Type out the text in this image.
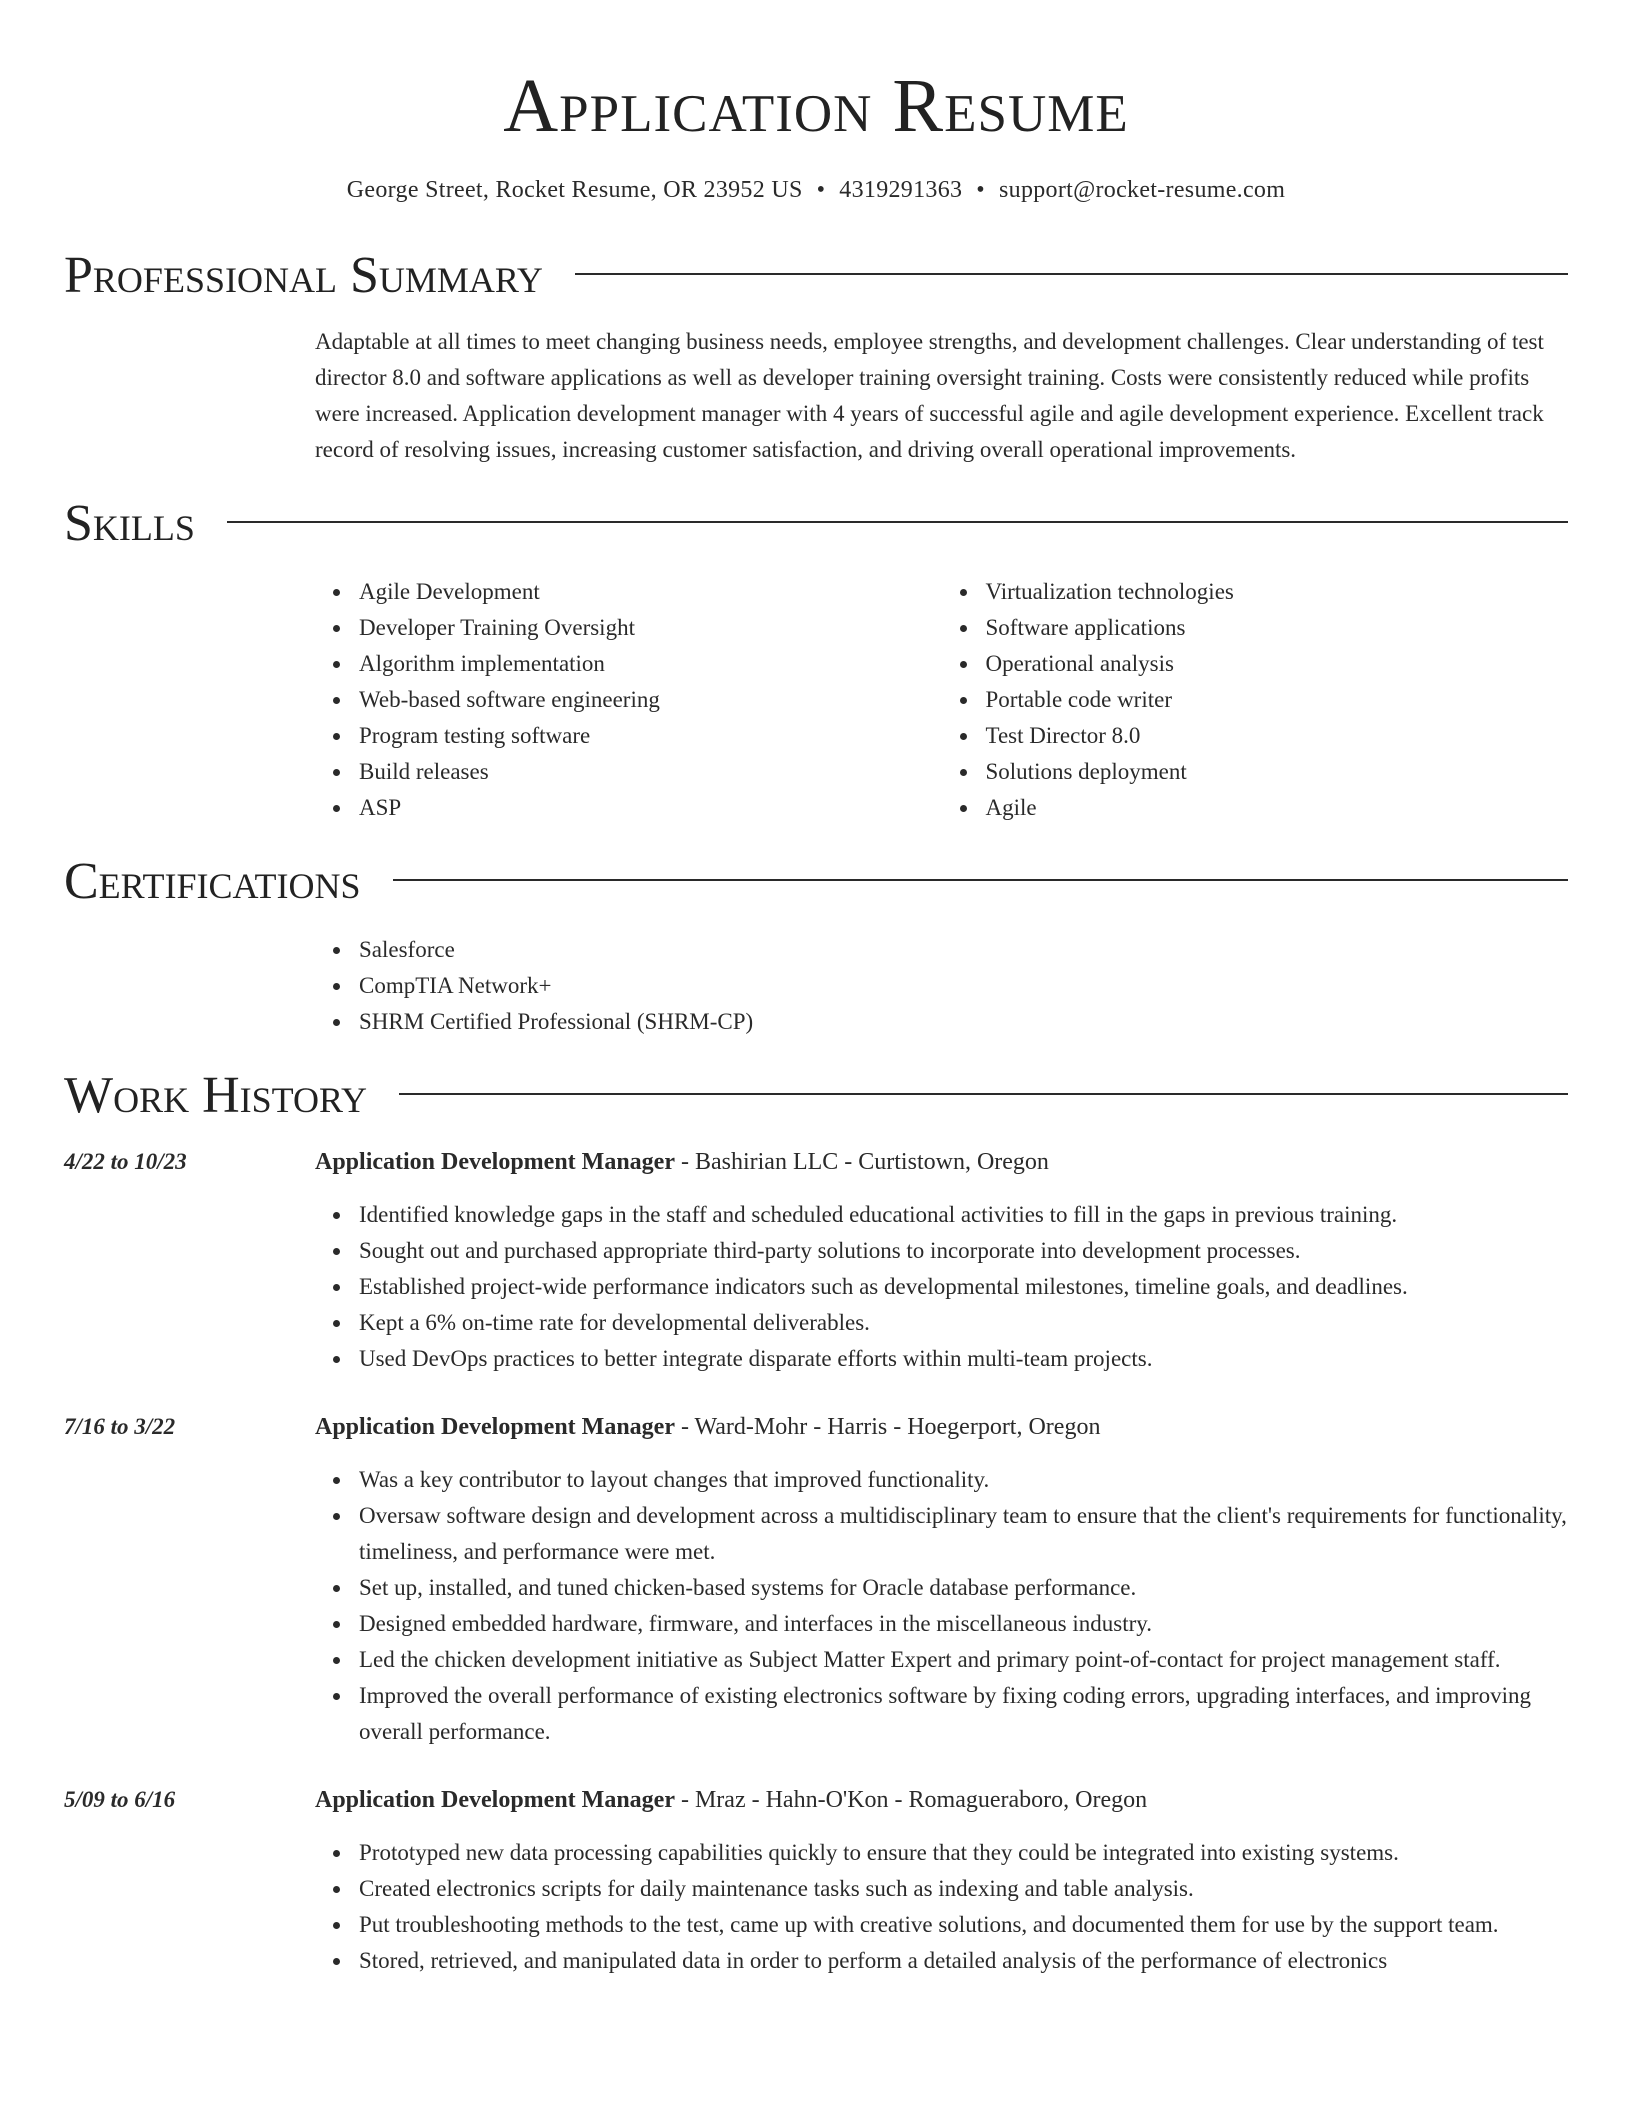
Application Resume
George Street, Rocket Resume, OR 23952 US • 4319291363 • support@rocket-resume.com
Professional Summary
Adaptable at all times to meet changing business needs, employee strengths, and development challenges. Clear understanding of test director 8.0 and software applications as well as developer training oversight training. Costs were consistently reduced while profits were increased. Application development manager with 4 years of successful agile and agile development experience. Excellent track record of resolving issues, increasing customer satisfaction, and driving overall operational improvements.
Skills
Agile Development
Developer Training Oversight
Algorithm implementation
Web-based software engineering
Program testing software
Build releases
ASP
Virtualization technologies
Software applications
Operational analysis
Portable code writer
Test Director 8.0
Solutions deployment
Agile
Certifications
Salesforce
CompTIA Network+
SHRM Certified Professional (SHRM-CP)
Work History
4/22 to 10/23	Application Development Manager - Bashirian LLC - Curtistown, Oregon
Identified knowledge gaps in the staff and scheduled educational activities to fill in the gaps in previous training.
Sought out and purchased appropriate third-party solutions to incorporate into development processes.
Established project-wide performance indicators such as developmental milestones, timeline goals, and deadlines.
Kept a 6% on-time rate for developmental deliverables.
Used DevOps practices to better integrate disparate efforts within multi-team projects.
7/16 to 3/22	Application Development Manager - Ward-Mohr - Harris - Hoegerport, Oregon
Was a key contributor to layout changes that improved functionality.
Oversaw software design and development across a multidisciplinary team to ensure that the client's requirements for functionality, timeliness, and performance were met.
Set up, installed, and tuned chicken-based systems for Oracle database performance.
Designed embedded hardware, firmware, and interfaces in the miscellaneous industry.
Led the chicken development initiative as Subject Matter Expert and primary point-of-contact for project management staff.
Improved the overall performance of existing electronics software by fixing coding errors, upgrading interfaces, and improving overall performance.
5/09 to 6/16	Application Development Manager - Mraz - Hahn-O'Kon - Romagueraboro, Oregon
Prototyped new data processing capabilities quickly to ensure that they could be integrated into existing systems.
Created electronics scripts for daily maintenance tasks such as indexing and table analysis.
Put troubleshooting methods to the test, came up with creative solutions, and documented them for use by the support team.
Stored, retrieved, and manipulated data in order to perform a detailed analysis of the performance of electronics
